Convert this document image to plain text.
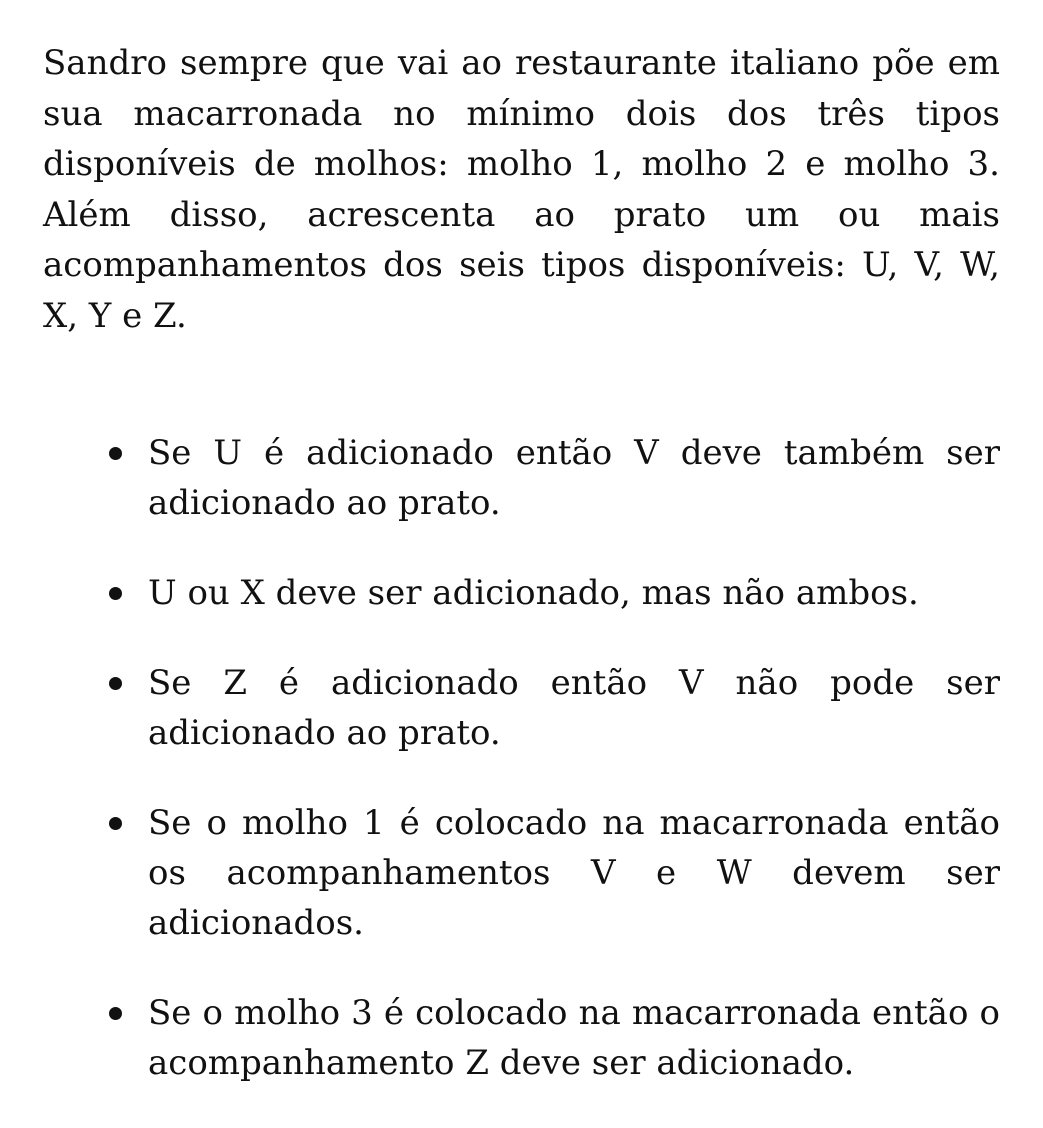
Sandro sempre que vai ao restaurante italiano põe em sua macarronada no mínimo dois dos três tipos disponíveis de molhos: molho 1, molho 2 e molho 3. Além disso, acrescenta ao prato um ou mais acompanhamentos dos seis tipos disponíveis: U, V, W, X, Y e Z.

Se U é adicionado então V deve também ser adicionado ao prato.
U ou X deve ser adicionado, mas não ambos.
Se Z é adicionado então V não pode ser adicionado ao prato.
Se o molho 1 é colocado na macarronada então os acompanhamentos V e W devem ser adicionados.
Se o molho 3 é colocado na macarronada então o acompanhamento Z deve ser adicionado.
